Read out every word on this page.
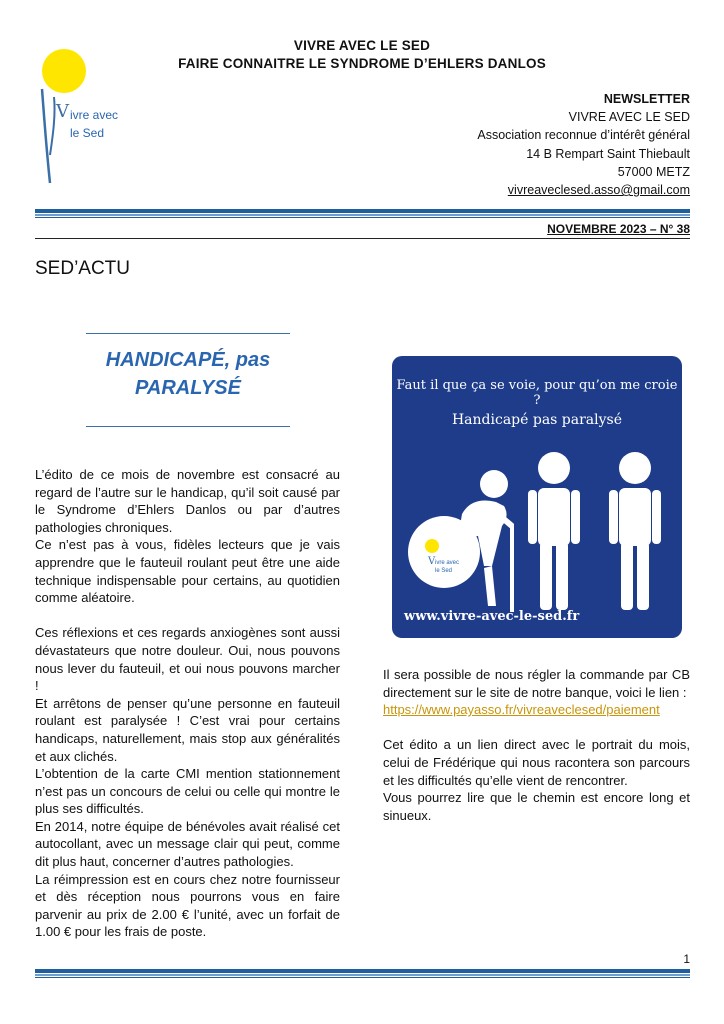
VIVRE AVEC LE SED
FAIRE CONNAITRE LE SYNDROME D’EHLERS DANLOS
V ivre avec
le Sed
NEWSLETTER
VIVRE AVEC LE SED
Association reconnue d’intérêt général
14 B Rempart Saint Thiebault
57000 METZ
vivreaveclesed.asso@gmail.com
NOVEMBRE 2023 – N° 38
SED’ACTU
HANDICAPÉ, pas
PARALYSÉ

L’édito de ce mois de novembre est consacré au regard de l’autre sur le handicap, qu’il soit causé par le Syndrome d’Ehlers Danlos ou par d’autres pathologies chroniques.

Ce n’est pas à vous, fidèles lecteurs que je vais apprendre que le fauteuil roulant peut être une aide technique indispensable pour certains, au quotidien comme aléatoire.

Ces réflexions et ces regards anxiogènes sont aussi dévastateurs que notre douleur. Oui, nous pouvons nous lever du fauteuil, et oui nous pouvons marcher !

Et arrêtons de penser qu’une personne en fauteuil roulant est paralysée ! C’est vrai pour certains handicaps, naturellement, mais stop aux généralités et aux clichés.

L’obtention de la carte CMI mention stationnement n’est pas un concours de celui ou celle qui montre le plus ses difficultés.

En 2014, notre équipe de bénévoles avait réalisé cet autocollant, avec un message clair qui peut, comme dit plus haut, concerner d’autres pathologies.

La réimpression est en cours chez notre fournisseur et dès réception nous pourrons vous en faire parvenir au prix de 2.00 € l’unité, avec un forfait de 1.00 € pour les frais de poste.

Faut il que ça se voie, pour qu’on me croie ?
Handicapé pas paralysé
V ivre avec
le Sed
www.vivre-avec-le-sed.fr

Il sera possible de nous régler la commande par CB directement sur le site de notre banque, voici le lien :

https://www.payasso.fr/vivreaveclesed/paiement

Cet édito a un lien direct avec le portrait du mois, celui de Frédérique qui nous racontera son parcours et les difficultés qu’elle vient de rencontrer.

Vous pourrez lire que le chemin est encore long et sinueux.

1
